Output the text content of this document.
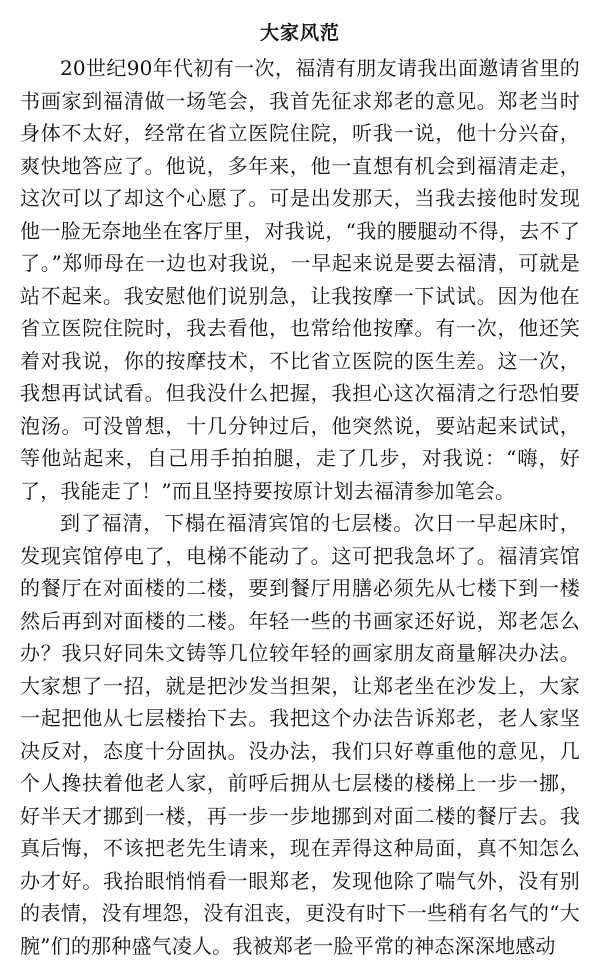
大家风范

20世纪90年代初有一次，福清有朋友请我出面邀请省里的书画家到福清做一场笔会，我首先征求郑老的意见。郑老当时身体不太好，经常在省立医院住院，听我一说，他十分兴奋，爽快地答应了。他说，多年来，他一直想有机会到福清走走，这次可以了却这个心愿了。可是出发那天，当我去接他时发现他一脸无奈地坐在客厅里，对我说，“我的腰腿动不得，去不了了。”郑师母在一边也对我说，一早起来说是要去福清，可就是站不起来。我安慰他们说别急，让我按摩一下试试。因为他在省立医院住院时，我去看他，也常给他按摩。有一次，他还笑着对我说，你的按摩技术，不比省立医院的医生差。这一次，我想再试试看。但我没什么把握，我担心这次福清之行恐怕要泡汤。可没曾想，十几分钟过后，他突然说，要站起来试试，等他站起来，自己用手拍拍腿，走了几步，对我说：“嗨，好了，我能走了！”而且坚持要按原计划去福清参加笔会。

到了福清，下榻在福清宾馆的七层楼。次日一早起床时，发现宾馆停电了，电梯不能动了。这可把我急坏了。福清宾馆的餐厅在对面楼的二楼，要到餐厅用膳必须先从七楼下到一楼然后再到对面楼的二楼。年轻一些的书画家还好说，郑老怎么办？我只好同朱文铸等几位较年轻的画家朋友商量解决办法。大家想了一招，就是把沙发当担架，让郑老坐在沙发上，大家一起把他从七层楼抬下去。我把这个办法告诉郑老，老人家坚决反对，态度十分固执。没办法，我们只好尊重他的意见，几个人搀扶着他老人家，前呼后拥从七层楼的楼梯上一步一挪，好半天才挪到一楼，再一步一步地挪到对面二楼的餐厅去。我真后悔，不该把老先生请来，现在弄得这种局面，真不知怎么办才好。我抬眼悄悄看一眼郑老，发现他除了喘气外，没有别的表情，没有埋怨，没有沮丧，更没有时下一些稍有名气的“大腕”们的那种盛气凌人。我被郑老一脸平常的神态深深地感动
